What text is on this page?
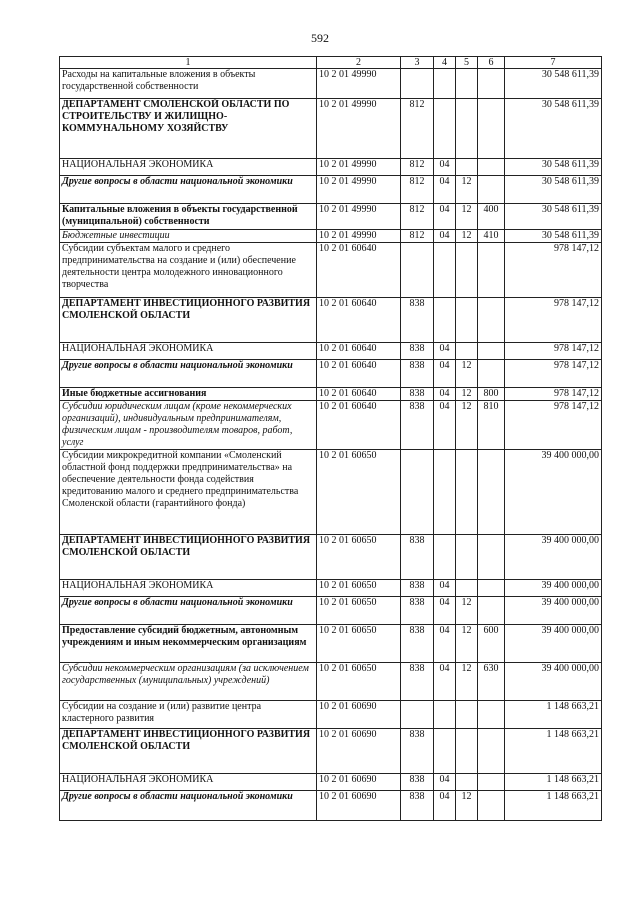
592
1	2	3	4	5	6	7
Расходы на капитальные вложения в объекты государственной собственности	10 2 01 49990					30 548 611,39
ДЕПАРТАМЕНТ СМОЛЕНСКОЙ ОБЛАСТИ ПО СТРОИТЕЛЬСТВУ И ЖИЛИЩНО-КОММУНАЛЬНОМУ ХОЗЯЙСТВУ	10 2 01 49990	812				30 548 611,39
НАЦИОНАЛЬНАЯ ЭКОНОМИКА	10 2 01 49990	812	04			30 548 611,39
Другие вопросы в области национальной экономики	10 2 01 49990	812	04	12		30 548 611,39
Капитальные вложения в объекты государственной (муниципальной) собственности	10 2 01 49990	812	04	12	400	30 548 611,39
Бюджетные инвестиции	10 2 01 49990	812	04	12	410	30 548 611,39
Субсидии субъектам малого и среднего предпринимательства на создание и (или) обеспечение деятельности центра молодежного инновационного творчества	10 2 01 60640					978 147,12
ДЕПАРТАМЕНТ ИНВЕСТИЦИОННОГО РАЗВИТИЯ СМОЛЕНСКОЙ ОБЛАСТИ	10 2 01 60640	838				978 147,12
НАЦИОНАЛЬНАЯ ЭКОНОМИКА	10 2 01 60640	838	04			978 147,12
Другие вопросы в области национальной экономики	10 2 01 60640	838	04	12		978 147,12
Иные бюджетные ассигнования	10 2 01 60640	838	04	12	800	978 147,12
Субсидии юридическим лицам (кроме некоммерческих организаций), индивидуальным предпринимателям, физическим лицам - производителям товаров, работ, услуг	10 2 01 60640	838	04	12	810	978 147,12
Субсидии микрокредитной компании «Смоленский областной фонд поддержки предпринимательства» на обеспечение деятельности фонда содействия кредитованию малого и среднего предпринимательства Смоленской области (гарантийного фонда)	10 2 01 60650					39 400 000,00
ДЕПАРТАМЕНТ ИНВЕСТИЦИОННОГО РАЗВИТИЯ СМОЛЕНСКОЙ ОБЛАСТИ	10 2 01 60650	838				39 400 000,00
НАЦИОНАЛЬНАЯ ЭКОНОМИКА	10 2 01 60650	838	04			39 400 000,00
Другие вопросы в области национальной экономики	10 2 01 60650	838	04	12		39 400 000,00
Предоставление субсидий бюджетным, автономным учреждениям и иным некоммерческим организациям	10 2 01 60650	838	04	12	600	39 400 000,00
Субсидии некоммерческим организациям (за исключением государственных (муниципальных) учреждений)	10 2 01 60650	838	04	12	630	39 400 000,00
Субсидии на создание и (или) развитие центра кластерного развития	10 2 01 60690					1 148 663,21
ДЕПАРТАМЕНТ ИНВЕСТИЦИОННОГО РАЗВИТИЯ СМОЛЕНСКОЙ ОБЛАСТИ	10 2 01 60690	838				1 148 663,21
НАЦИОНАЛЬНАЯ ЭКОНОМИКА	10 2 01 60690	838	04			1 148 663,21
Другие вопросы в области национальной экономики	10 2 01 60690	838	04	12		1 148 663,21
